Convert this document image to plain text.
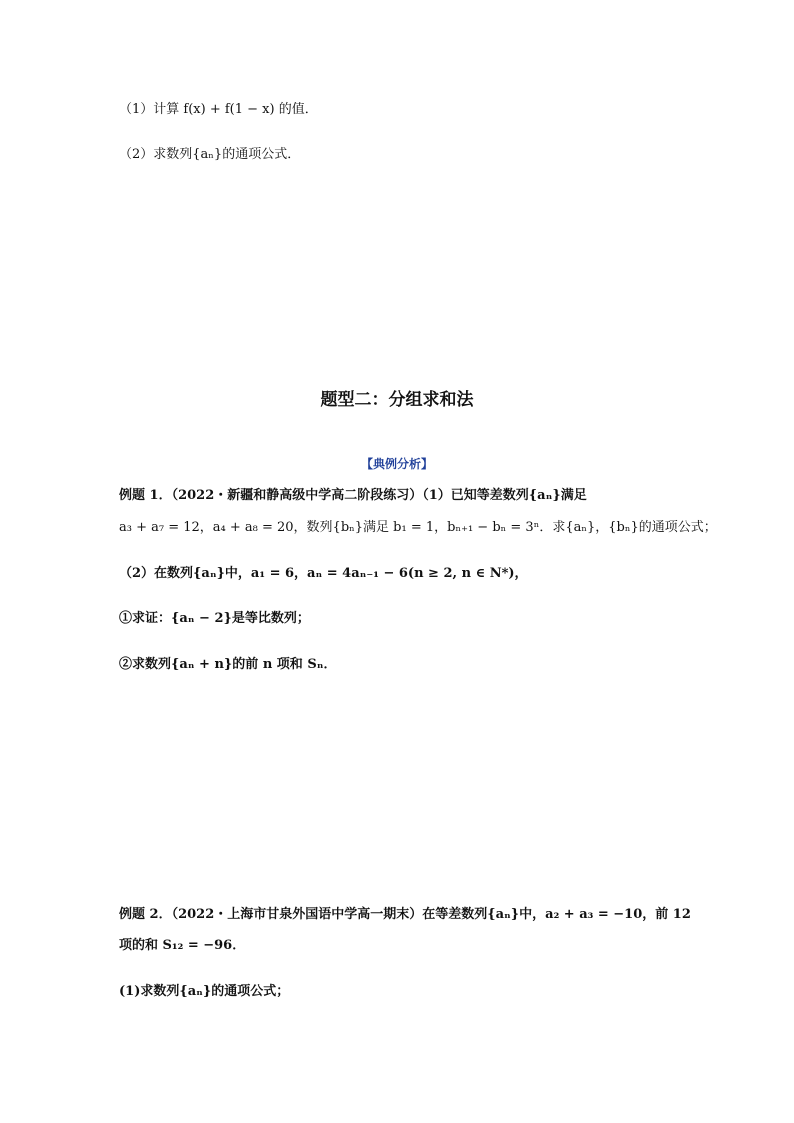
（1）计算 f(x) + f(1 − x) 的值．
（2）求数列{aₙ}的通项公式．
题型二：分组求和法
【典例分析】
例题 1．（2022・新疆和静高级中学高二阶段练习）（1）已知等差数列{aₙ}满足
a₃ + a₇ = 12，a₄ + a₈ = 20，数列{bₙ}满足 b₁ = 1，bₙ₊₁ − bₙ = 3ⁿ．求{aₙ}，{bₙ}的通项公式；
（2）在数列{aₙ}中，a₁ = 6，aₙ = 4aₙ₋₁ − 6(n ≥ 2, n ∈ N*)，
①求证：{aₙ − 2}是等比数列；
②求数列{aₙ + n}的前 n 项和 Sₙ．
例题 2．（2022・上海市甘泉外国语中学高一期末）在等差数列{aₙ}中，a₂ + a₃ = −10，前 12
项的和 S₁₂ = −96．
(1)求数列{aₙ}的通项公式；
